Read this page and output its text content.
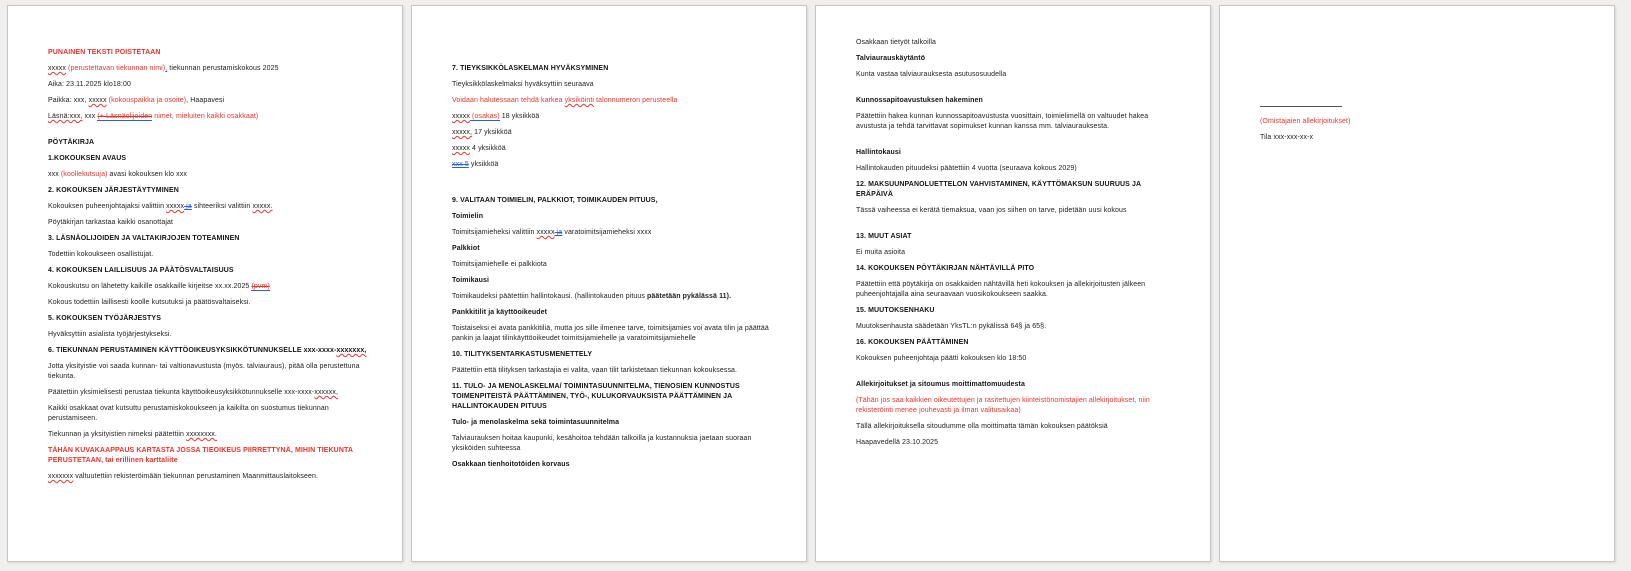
PUNAINEN TEKSTI POISTETAAN

xxxxx (perustettavan tiekunnan nimi), tiekunnan perustamiskokous 2025

Aika: 23.11.2025 klo18:00

Paikka: xxx, xxxxx (kokouspaikka ja osoite), Haapavesi

Läsnä:xxx, xxx (+ Läsnäolijoiden nimet, mieluiten kaikki osakkaat)

PÖYTÄKIRJA

1.KOKOUKSEN AVAUS

xxx (koollekutsuja) avasi kokouksen klo xxx

2. KOKOUKSEN JÄRJESTÄYTYMINEN

Kokouksen puheenjohtajaksi valittiin xxxxx ja sihteeriksi valittiin xxxxx.

Pöytäkirjan tarkastaa kaikki osanottajat

3. LÄSNÄOLIJOIDEN JA VALTAKIRJOJEN TOTEAMINEN

Todettiin kokoukseen osallistujat.

4. KOKOUKSEN LAILLISUUS JA PÄÄTÖSVALTAISUUS

Kokouskutsu on lähetetty kaikille osakkaille kirjeitse xx.xx.2025 (pvm)

Kokous todettiin laillisesti koolle kutsutuksi ja päätösvaltaiseksi.

5. KOKOUKSEN TYÖJÄRJESTYS

Hyväksyttiin asialista työjärjestykseksi.

6. TIEKUNNAN PERUSTAMINEN KÄYTTÖOIKEUSYKSIKKÖTUNNUKSELLE xxx-xxxx-xxxxxxx,

Jotta yksityistie voi saada kunnan- tai valtionavustusta (myös. talviauraus), pitää olla perustettuna tiekunta.

Päätettiin yksimielisesti perustaa tiekunta käyttöoikeusyksikkötunnukselle xxx-xxxx-xxxxxx,

Kaikki osakkaat ovat kutsuttu perustamiskokoukseen ja kaikilta on suostumus tiekunnan perustamiseen.

Tiekunnan ja yksityistien nimeksi päätettiin xxxxxxxx.

TÄHÄN KUVAKAAPPAUS KARTASTA JOSSA TIEOIKEUS PIIRRETTYNÄ, MIHIN TIEKUNTA PERUSTETAAN, tai erillinen karttaliite

xxxxxxx valtuutettiin rekisteröimään tiekunnan perustaminen Maanmittauslaitokseen.

7. TIEYKSIKKÖLASKELMAN HYVÄKSYMINEN

Tieyksikkölaskelmaksi hyväksyttiin seuraava

Voidaan halutessaan tehdä karkea yksiköinti talonnumeron perusteella

xxxxx (osakas) 18 yksikköä

xxxxx, 17 yksikköä

xxxxx 4 yksikköä

xxx 5 yksikköä

9. VALITAAN TOIMIELIN, PALKKIOT, TOIMIKAUDEN PITUUS,

Toimielin

Toimitsijamieheksi valittiin xxxxx ja varatoimitsijamieheksi xxxx

Palkkiot

Toimitsijamiehelle ei palkkiota

Toimikausi

Toimikaudeksi päätettiin hallintokausi. (hallintokauden pituus päätetään pykälässä 11).

Pankkitilit ja käyttöoikeudet

Toistaiseksi ei avata pankkitiliä, mutta jos sille ilmenee tarve, toimitsijamies voi avata tilin ja päättää pankin ja laajat tilinkäyttöoikeudet toimitsijamiehelle ja varatoimitsijamiehelle

10. TILITYKSENTARKASTUSMENETTELY

Päätettiin että tilityksen tarkastajia ei valita, vaan tilit tarkistetaan tiekunnan kokouksessa.

11. TULO- JA MENOLASKELMA/ TOIMINTASUUNNITELMA, TIENOSIEN KUNNOSTUS TOIMENPITEISTÄ PÄÄTTÄMINEN, TYÖ-, KULUKORVAUKSISTA PÄÄTTÄMINEN JA HALLINTOKAUDEN PITUUS

Tulo- ja menolaskelma sekä toimintasuunnitelma

Talviaurauksen hoitaa kaupunki, kesähoitoa tehdään talkoilla ja kustannuksia jaetaan suoraan yksiköiden suhteessa

Osakkaan tienhoitotöiden korvaus

Osakkaan tietyöt talkoilla

Talviaurauskäytäntö

Kunta vastaa talviaurauksesta asutusosuudella

Kunnossapitoavustuksen hakeminen

Päätettiin hakea kunnan kunnossapitoavustusta vuosittain, toimielimellä on valtuudet hakea avustusta ja tehdä tarvittavat sopimukset kunnan kanssa mm. talviaurauksesta.

Hallintokausi

Hallintokauden pituudeksi päätettiin 4 vuotta (seuraava kokous 2029)

12. MAKSUUNPANOLUETTELON VAHVISTAMINEN, KÄYTTÖMAKSUN SUURUUS JA ERÄPÄIVÄ

Tässä vaiheessa ei kerätä tiemaksua, vaan jos siihen on tarve, pidetään uusi kokous

13. MUUT ASIAT

Ei muita asioita

14. KOKOUKSEN PÖYTÄKIRJAN NÄHTÄVILLÄ PITO

Päätettiin että pöytäkirja on osakkaiden nähtävillä heti kokouksen ja allekirjoitusten jälkeen puheenjohtajalla aina seuraavaan vuosikokoukseen saakka.

15. MUUTOKSENHAKU

Muutoksenhausta säädetään YksTL:n pykälissä 64§ ja 65§.

16. KOKOUKSEN PÄÄTTÄMINEN

Kokouksen puheenjohtaja päätti kokouksen klo 18:50

Allekirjoitukset ja sitoumus moittimattomuudesta

(Tähän jos saa kaikkien oikeutettujen ja rasitettujen kiinteistönomistajien allekirjoitukset, niin rekisteröinti menee jouhevasti ja ilman valitusaikaa)

Tällä allekirjoituksella sitoudumme olla moittimatta tämän kokouksen päätöksiä

Haapavedellä 23.10.2025

(Omistajaien allekirjoitukset)

Tila xxx-xxx-xx-x
